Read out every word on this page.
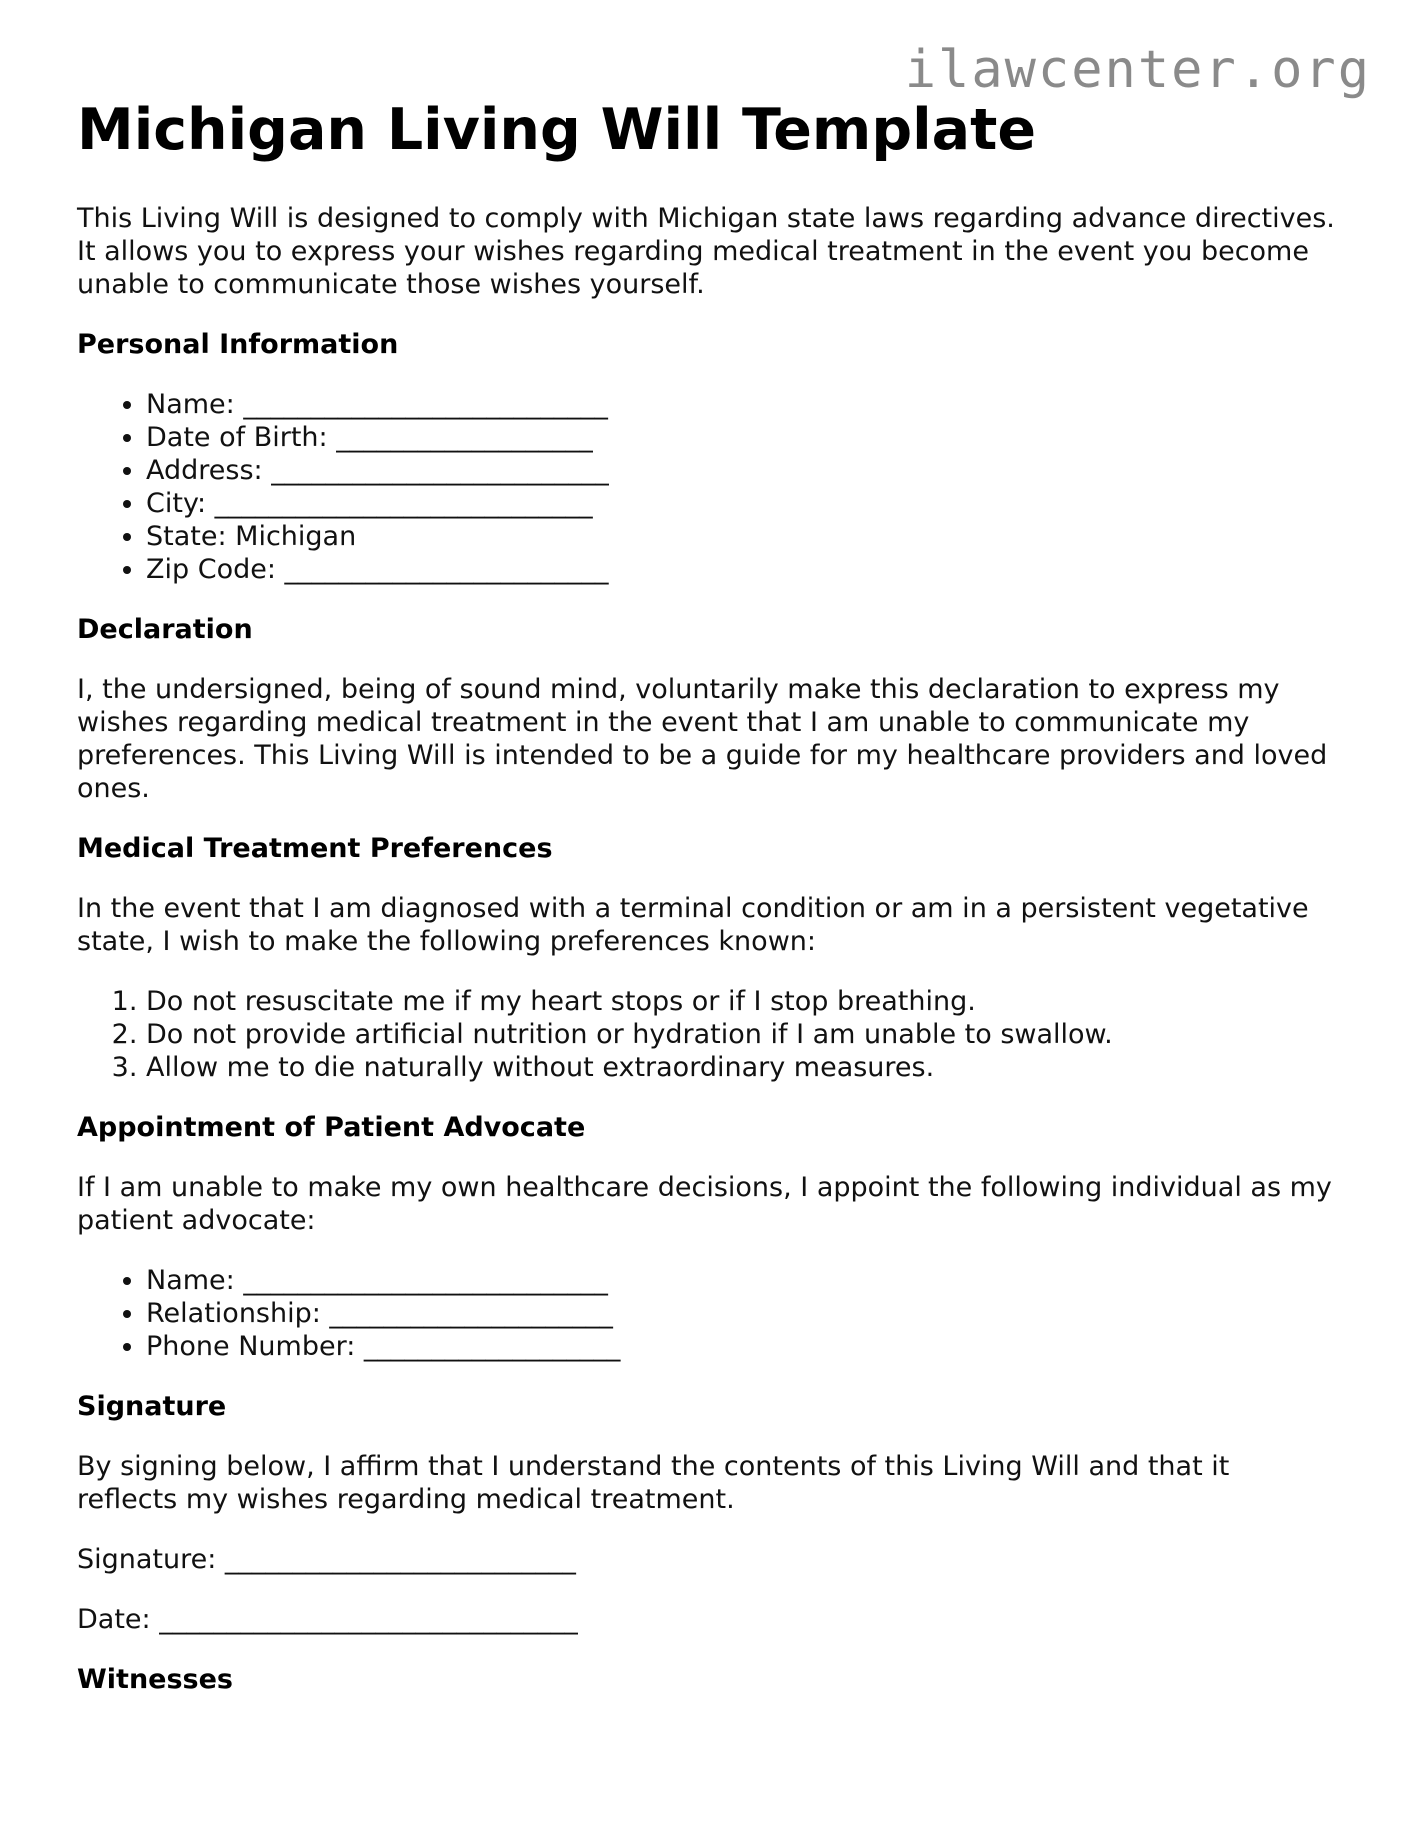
ilawcenter.org
Michigan Living Will Template

This Living Will is designed to comply with Michigan state laws regarding advance directives. It allows you to express your wishes regarding medical treatment in the event you become unable to communicate those wishes yourself.

Personal Information
• Name: ___________________________
• Date of Birth: ___________________
• Address: _________________________
• City: ____________________________
• State: Michigan
• Zip Code: ________________________
Declaration

I, the undersigned, being of sound mind, voluntarily make this declaration to express my wishes regarding medical treatment in the event that I am unable to communicate my preferences. This Living Will is intended to be a guide for my healthcare providers and loved ones.

Medical Treatment Preferences

In the event that I am diagnosed with a terminal condition or am in a persistent vegetative state, I wish to make the following preferences known:

1. Do not resuscitate me if my heart stops or if I stop breathing.
2. Do not provide artificial nutrition or hydration if I am unable to swallow.
3. Allow me to die naturally without extraordinary measures.
Appointment of Patient Advocate

If I am unable to make my own healthcare decisions, I appoint the following individual as my patient advocate:

• Name: ___________________________
• Relationship: _____________________
• Phone Number: ___________________
Signature

By signing below, I affirm that I understand the contents of this Living Will and that it reflects my wishes regarding medical treatment.

Signature: __________________________

Date: _______________________________

Witnesses
